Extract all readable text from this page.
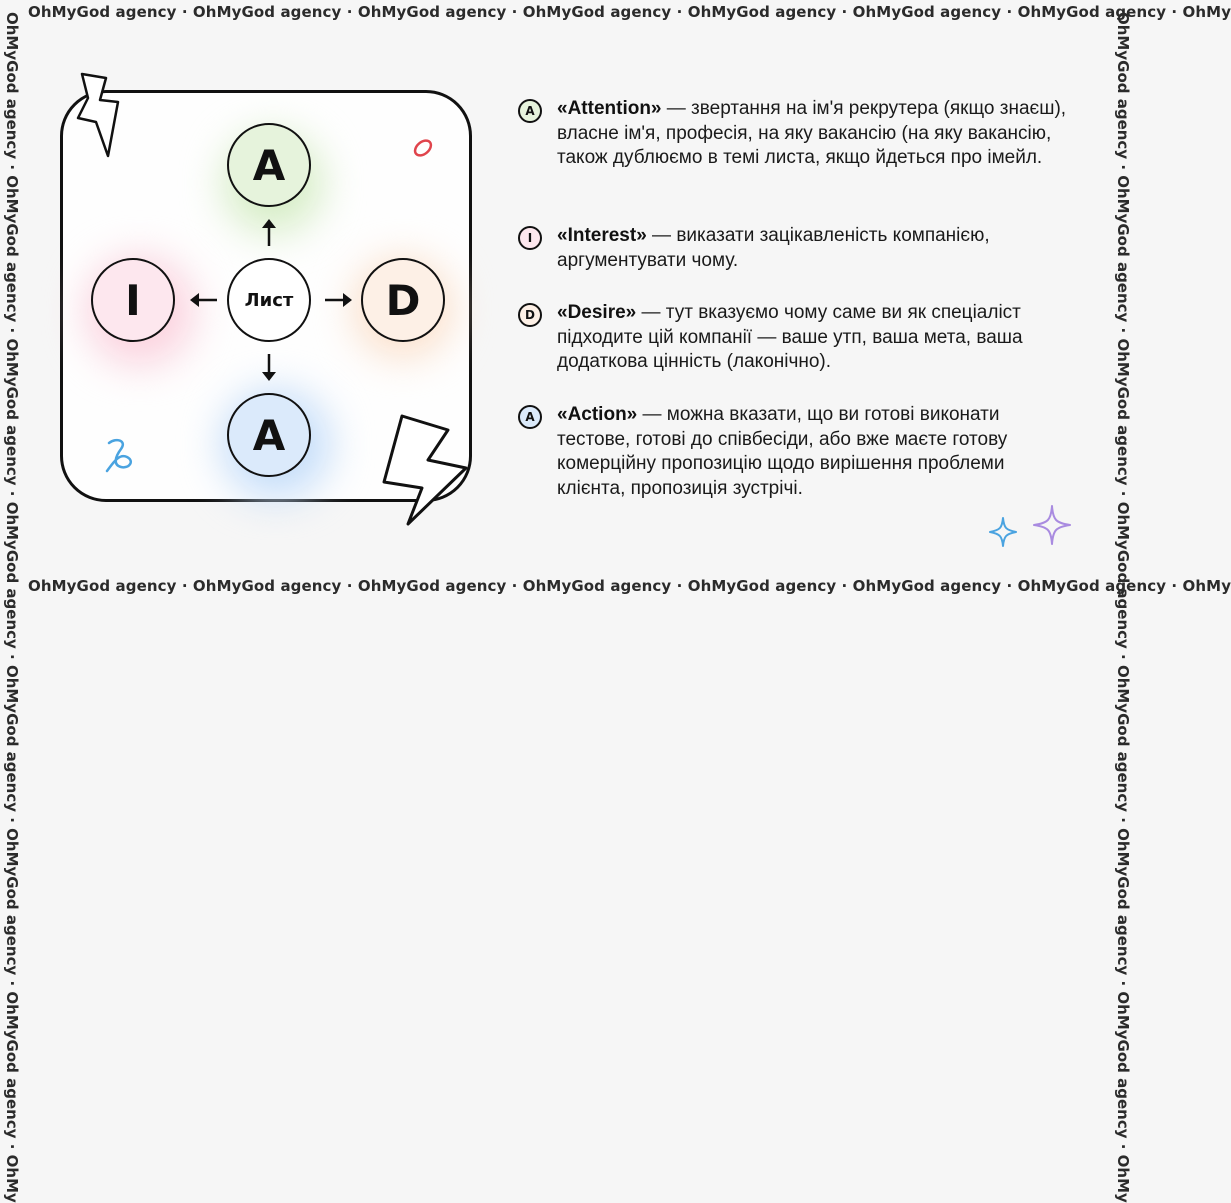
OhMyGod agency · OhMyGod agency · OhMyGod agency · OhMyGod agency · OhMyGod agency · OhMyGod agency · OhMyGod agency · OhMy
OhMyGod agency · OhMyGod agency · OhMyGod agency · OhMyGod agency · OhMyGod agency · OhMyGod agency · OhMyGod agency · OhMy
OhMyGod agency · OhMyGod agency · OhMyGod agency · OhMyGod agency · OhMyGod agency · OhMyGod agency · OhMyGod agency · OhMy	OhMyGod agency · OhMyGod agency · OhMyGod agency · OhMyGod agency · OhMyGod agency · OhMyGod agency · OhMyGod agency · OhMy
A
I	Лист D
A
A «Attention» — звертання на ім'я рекрутера (якщо знаєш), власне ім'я, професія, на яку вакансію (на яку вакансію, також дублюємо в темі листа, якщо йдеться про імейл.
I «Interest» — виказати зацікавленість компанією, аргументувати чому.
D «Desire» — тут вказуємо чому саме ви як спеціаліст підходите цій компанії — ваше утп, ваша мета, ваша додаткова цінність (лаконічно).
A «Action» — можна вказати, що ви готові виконати тестове, готові до співбесіди, або вже маєте готову комерційну пропозицію щодо вирішення проблеми клієнта, пропозиція зустрічі.
